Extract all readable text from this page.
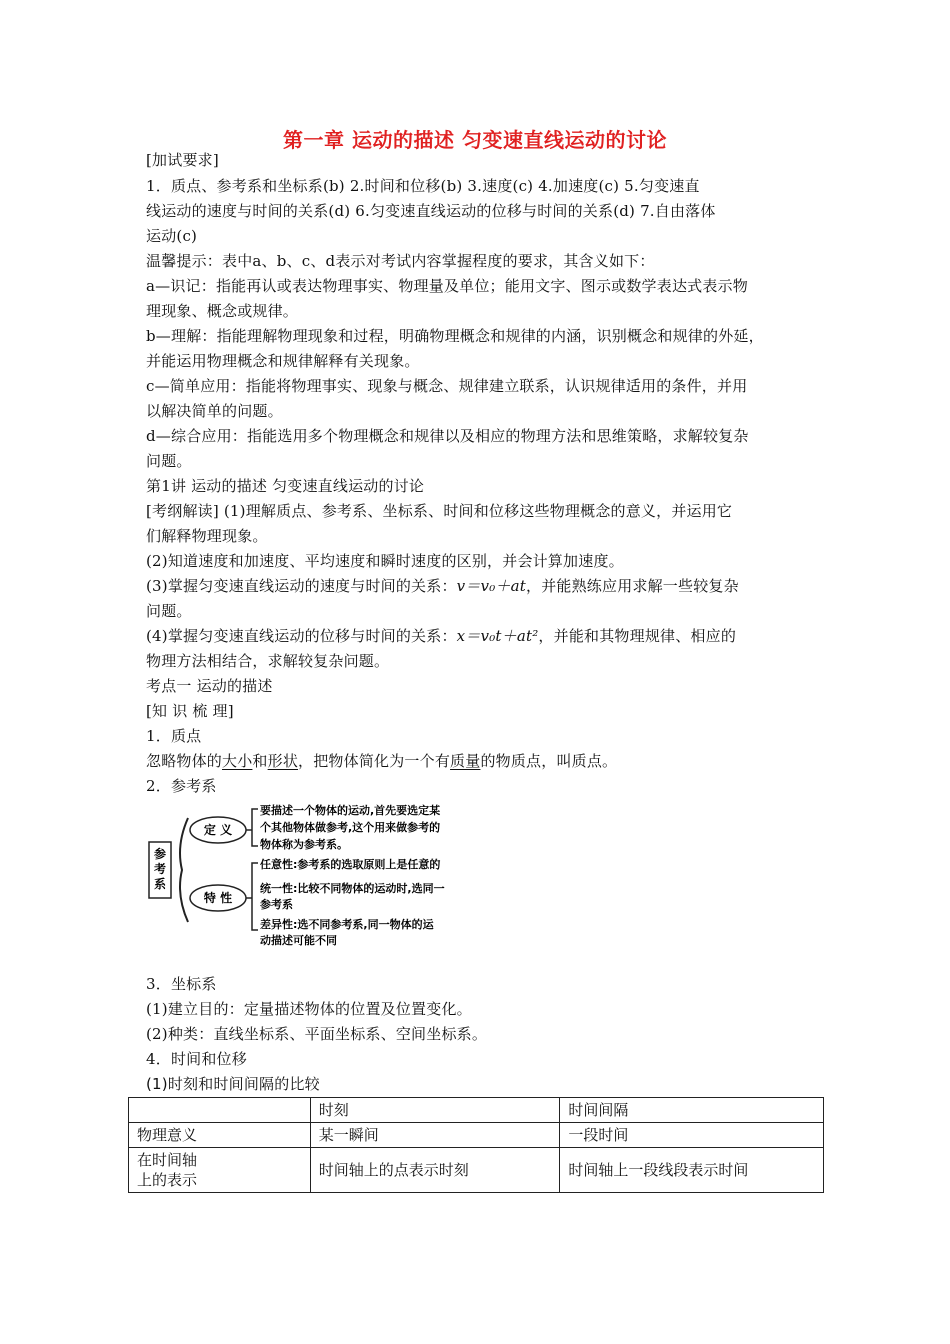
第一章 运动的描述 匀变速直线运动的讨论
[加试要求]
1．质点、参考系和坐标系(b) 2.时间和位移(b) 3.速度(c) 4.加速度(c) 5.匀变速直
线运动的速度与时间的关系(d) 6.匀变速直线运动的位移与时间的关系(d) 7.自由落体
运动(c)
温馨提示：表中a、b、c、d表示对考试内容掌握程度的要求，其含义如下：
a—识记：指能再认或表达物理事实、物理量及单位；能用文字、图示或数学表达式表示物
理现象、概念或规律。
b—理解：指能理解物理现象和过程，明确物理概念和规律的内涵，识别概念和规律的外延，
并能运用物理概念和规律解释有关现象。
c—简单应用：指能将物理事实、现象与概念、规律建立联系，认识规律适用的条件，并用
以解决简单的问题。
d—综合应用：指能选用多个物理概念和规律以及相应的物理方法和思维策略，求解较复杂
问题。
第1讲 运动的描述 匀变速直线运动的讨论
[考纲解读] (1)理解质点、参考系、坐标系、时间和位移这些物理概念的意义，并运用它
们解释物理现象。
(2)知道速度和加速度、平均速度和瞬时速度的区别，并会计算加速度。
(3)掌握匀变速直线运动的速度与时间的关系：v＝v₀＋at，并能熟练应用求解一些较复杂
问题。
(4)掌握匀变速直线运动的位移与时间的关系：x＝v₀t＋at²，并能和其物理规律、相应的
物理方法相结合，求解较复杂问题。
考点一 运动的描述
[知 识 梳 理]
1．质点
忽略物体的大小和形状，把物体简化为一个有质量的物质点，叫质点。
2．参考系
参
考
系
定 义
特 性
要描述一个物体的运动,首先要选定某
个其他物体做参考,这个用来做参考的
物体称为参考系。
任意性:参考系的选取原则上是任意的
统一性:比较不同物体的运动时,选同一
参考系
差异性:选不同参考系,同一物体的运
动描述可能不同
3．坐标系
(1)建立目的：定量描述物体的位置及位置变化。
(2)种类：直线坐标系、平面坐标系、空间坐标系。
4．时间和位移
(1)时刻和时间间隔的比较
	时刻	时间间隔
物理意义	某一瞬间	一段时间

在时间轴
上的表示	时间轴上的点表示时刻	时间轴上一段线段表示时间
